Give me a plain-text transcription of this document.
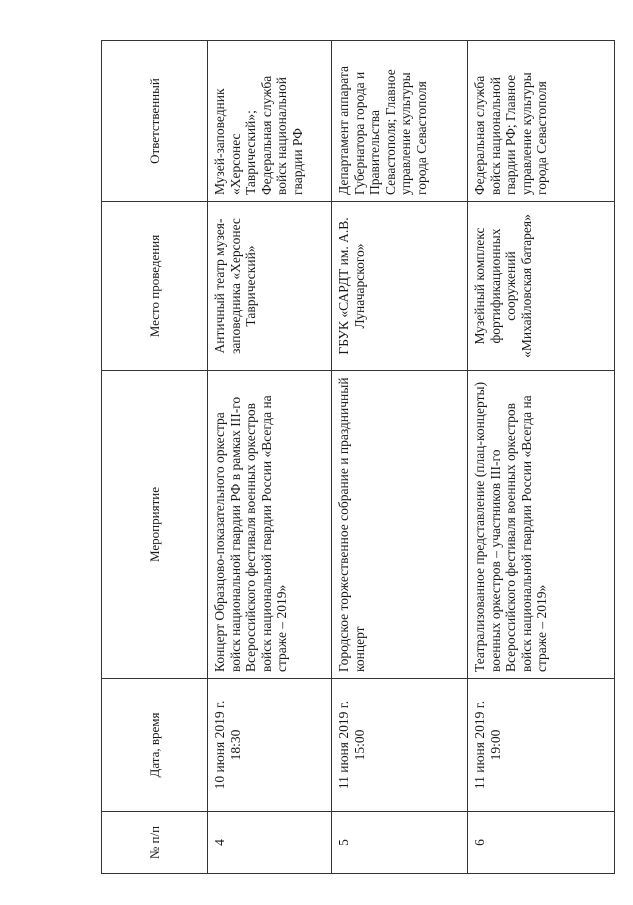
№ п/п	Дата, время	Мероприятие	Место проведения	Ответственный

4	10 июня 2019 г. 18:30	Концерт Образцово-показательного оркестра войск национальной гвардии РФ в рамках III-го Всероссийского фестиваля военных оркестров войск национальной гвардии России «Всегда на страже – 2019»	Античный театр музея-заповедника «Херсонес Таврический»	Музей-заповедник «Херсонес Таврический»; Федеральная служба войск национальной гвардии РФ

5	11 июня 2019 г. 15:00	Городское торжественное собрание и праздничный концерт	ГБУК «САРДТ им. А.В. Луначарского»	Департамент аппарата Губернатора города и Правительства Севастополя; Главное управление культуры города Севастополя

6	11 июня 2019 г. 19:00	Театрализованное представление (плац-концерты) военных оркестров – участников III-го Всероссийского фестиваля военных оркестров войск национальной гвардии России «Всегда на страже – 2019»	Музейный комплекс фортификационных сооружений «Михайловская батарея»	Федеральная служба войск национальной гвардии РФ; Главное управление культуры города Севастополя
